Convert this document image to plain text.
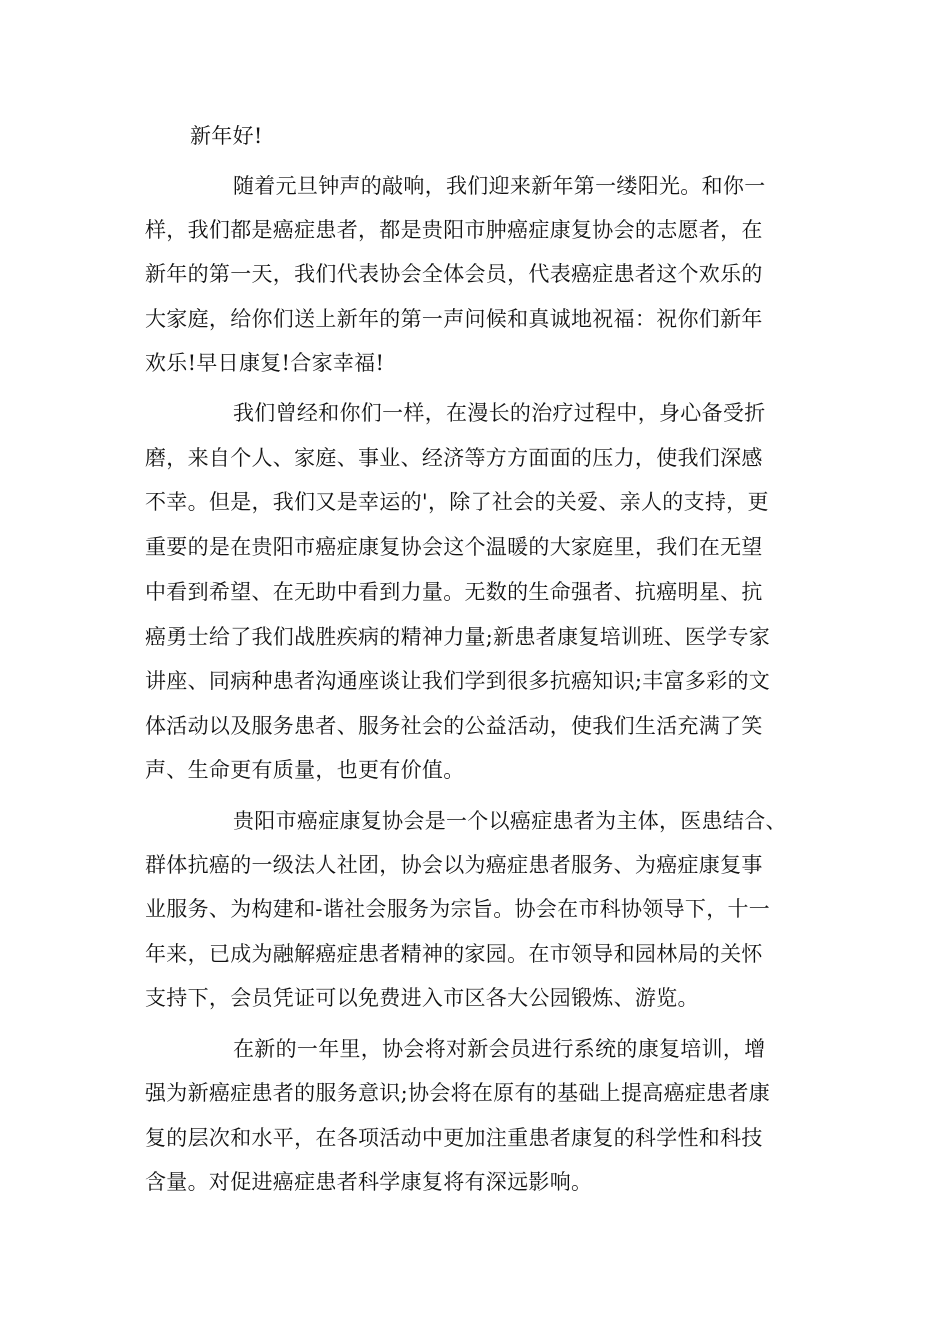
新年好!
随着元旦钟声的敲响，我们迎来新年第一缕阳光。和你一
样，我们都是癌症患者，都是贵阳市肿癌症康复协会的志愿者，在
新年的第一天，我们代表协会全体会员，代表癌症患者这个欢乐的
大家庭，给你们送上新年的第一声问候和真诚地祝福：祝你们新年
欢乐!早日康复!合家幸福!
我们曾经和你们一样，在漫长的治疗过程中，身心备受折
磨，来自个人、家庭、事业、经济等方方面面的压力，使我们深感
不幸。但是，我们又是幸运的'，除了社会的关爱、亲人的支持，更
重要的是在贵阳市癌症康复协会这个温暖的大家庭里，我们在无望
中看到希望、在无助中看到力量。无数的生命强者、抗癌明星、抗
癌勇士给了我们战胜疾病的精神力量;新患者康复培训班、医学专家
讲座、同病种患者沟通座谈让我们学到很多抗癌知识;丰富多彩的文
体活动以及服务患者、服务社会的公益活动，使我们生活充满了笑
声、生命更有质量，也更有价值。
贵阳市癌症康复协会是一个以癌症患者为主体，医患结合、
群体抗癌的一级法人社团，协会以为癌症患者服务、为癌症康复事
业服务、为构建和-谐社会服务为宗旨。协会在市科协领导下，十一
年来，已成为融解癌症患者精神的家园。在市领导和园林局的关怀
支持下，会员凭证可以免费进入市区各大公园锻炼、游览。
在新的一年里，协会将对新会员进行系统的康复培训，增
强为新癌症患者的服务意识;协会将在原有的基础上提高癌症患者康
复的层次和水平，在各项活动中更加注重患者康复的科学性和科技
含量。对促进癌症患者科学康复将有深远影响。
